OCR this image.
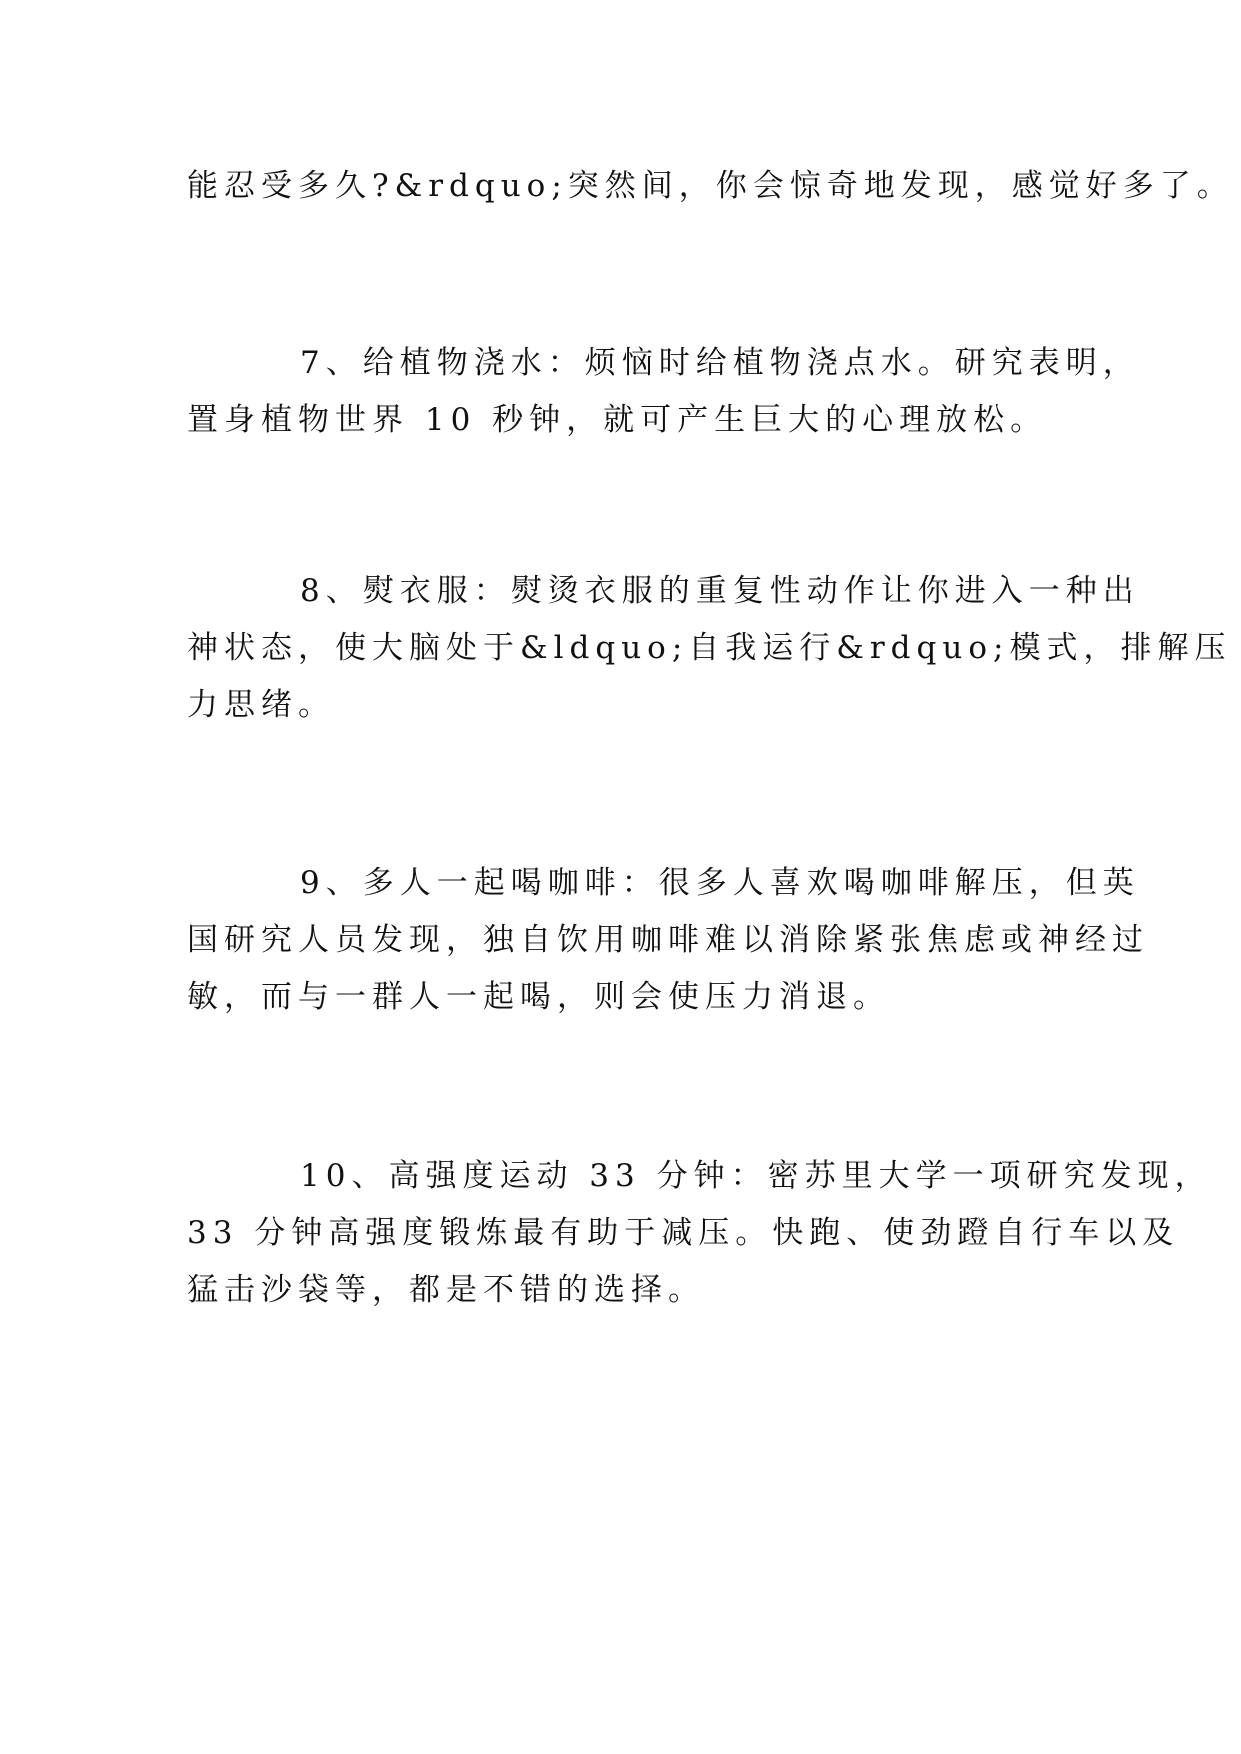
能忍受多久?&rdquo;突然间，你会惊奇地发现，感觉好多了。

7、给植物浇水：烦恼时给植物浇点水。研究表明，
置身植物世界 10 秒钟，就可产生巨大的心理放松。

8、熨衣服：熨烫衣服的重复性动作让你进入一种出
神状态，使大脑处于&ldquo;自我运行&rdquo;模式，排解压
力思绪。

9、多人一起喝咖啡：很多人喜欢喝咖啡解压，但英
国研究人员发现，独自饮用咖啡难以消除紧张焦虑或神经过
敏，而与一群人一起喝，则会使压力消退。

10、高强度运动 33 分钟：密苏里大学一项研究发现，
33 分钟高强度锻炼最有助于减压。快跑、使劲蹬自行车以及
猛击沙袋等，都是不错的选择。
